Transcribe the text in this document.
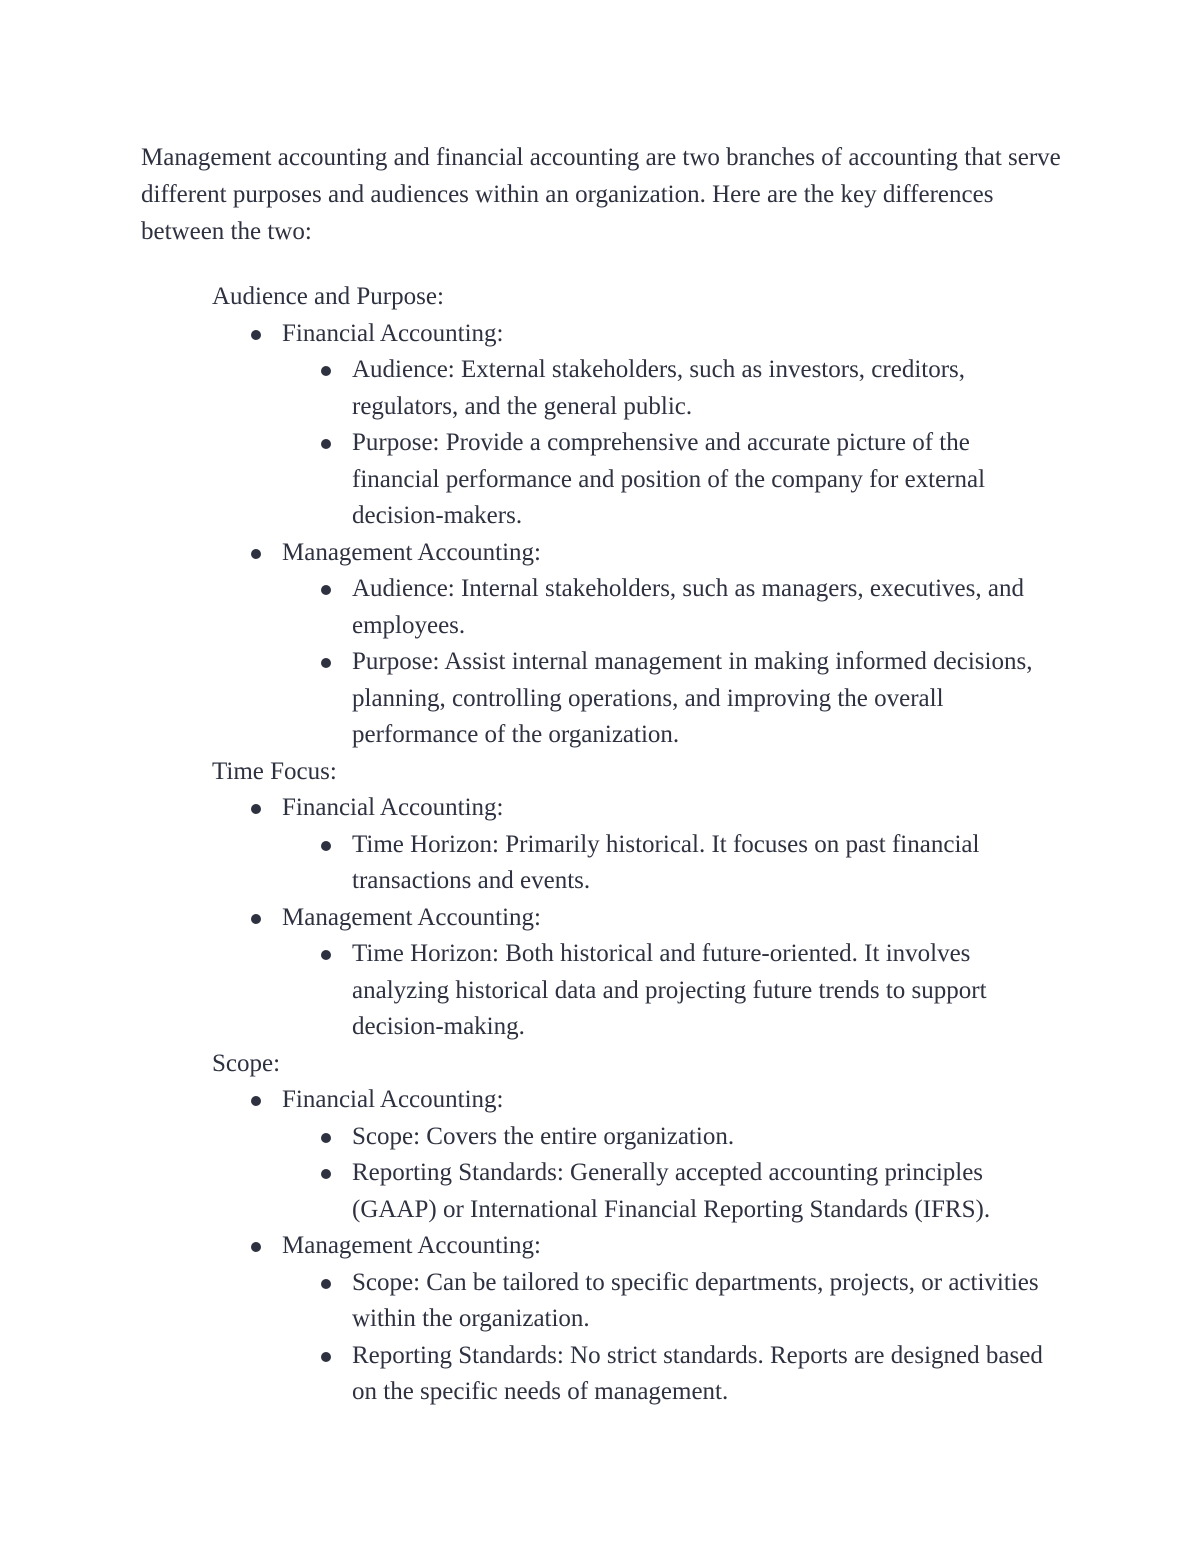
Management accounting and financial accounting are two branches of accounting that serve different purposes and audiences within an organization. Here are the key differences between the two:

Audience and Purpose:

Financial Accounting:
Audience: External stakeholders, such as investors, creditors, regulators, and the general public.
Purpose: Provide a comprehensive and accurate picture of the financial performance and position of the company for external decision-makers.
Management Accounting:
Audience: Internal stakeholders, such as managers, executives, and employees.
Purpose: Assist internal management in making informed decisions, planning, controlling operations, and improving the overall performance of the organization.

Time Focus:

Financial Accounting:
Time Horizon: Primarily historical. It focuses on past financial transactions and events.
Management Accounting:
Time Horizon: Both historical and future-oriented. It involves analyzing historical data and projecting future trends to support decision-making.

Scope:

Financial Accounting:
Scope: Covers the entire organization.
Reporting Standards: Generally accepted accounting principles (GAAP) or International Financial Reporting Standards (IFRS).
Management Accounting:
Scope: Can be tailored to specific departments, projects, or activities within the organization.
Reporting Standards: No strict standards. Reports are designed based on the specific needs of management.
